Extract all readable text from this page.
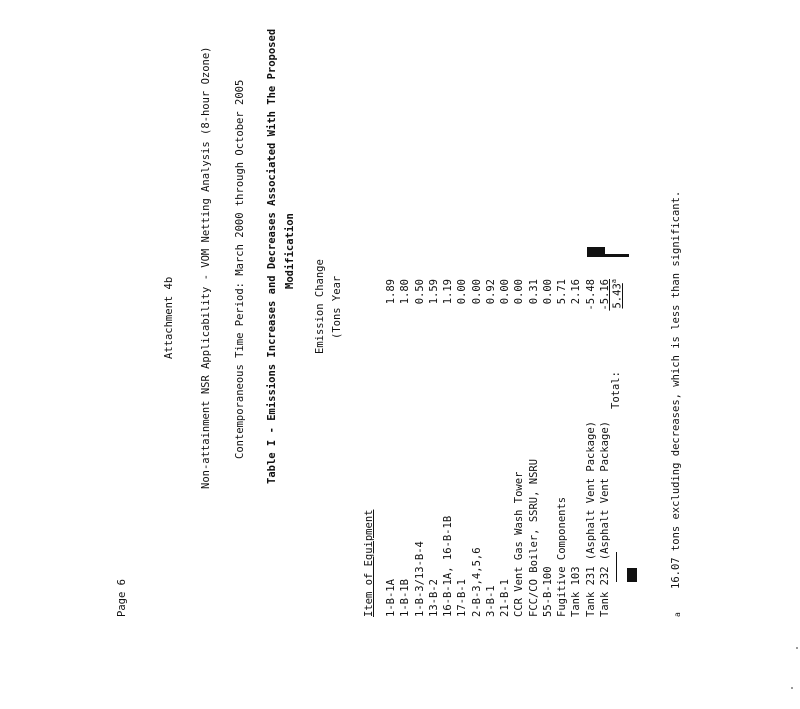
Page 6
Attachment 4b Non-attainment NSR Applicability - VOM Netting Analysis (8-hour Ozone) Contemporaneous Time Period: March 2000 through October 2005 Table I - Emissions Increases and Decreases Associated With The Proposed Modification
Emission Change (Tons Year
Item of Equipment 1-B-1A
1.89
1-B-1B
1.80
1-B-3/13-B-4
0.50
13-B-2
1.59
16-B-1A, 16-B-1B
1.19
17-B-1
0.00
2-B-3,4,5,6
0.00
3-B-1
0.92
21-B-1
0.00
CCR Vent Gas Wash Tower
0.00
FCC/CO Boiler, SSRU, NSRU
0.31
55-B-100
0.00
Fugitive Components
5.71
Tank 103
2.16
Tank 231 (Asphalt Vent Package)
-5.48
Tank 232 (Asphalt Vent Package)
-5.16
Total:
5.43$^a$
a
16.07 tons excluding decreases, which is less than significant.
